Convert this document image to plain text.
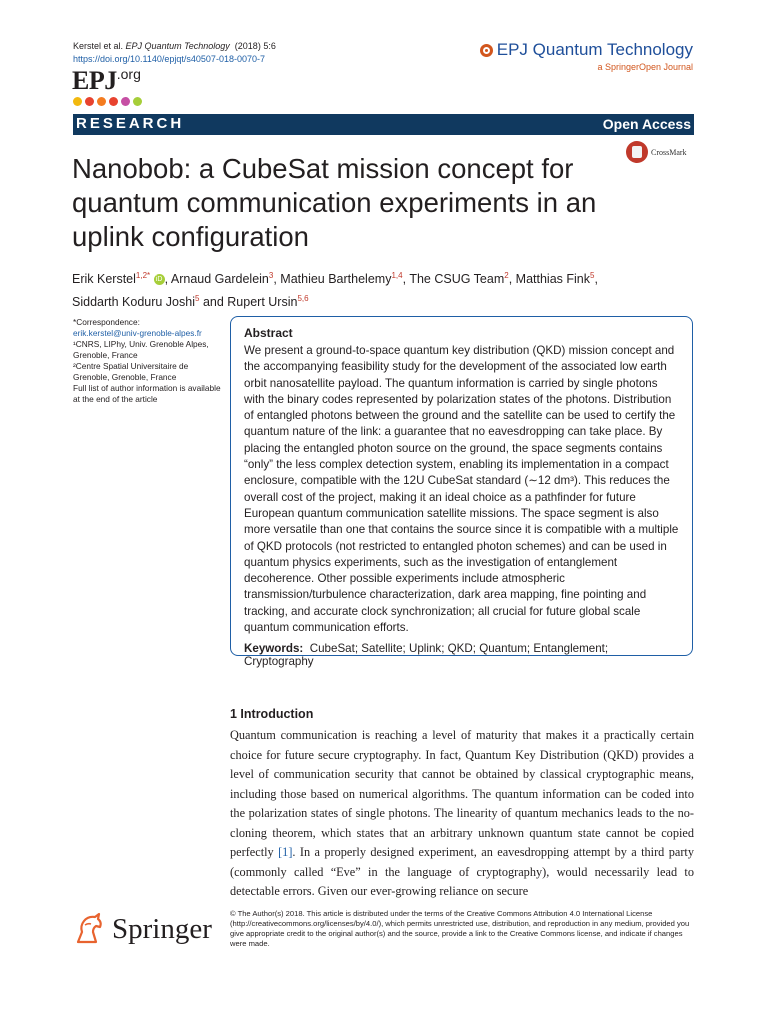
Kerstel et al. EPJ Quantum Technology (2018) 5:6
https://doi.org/10.1140/epjqt/s40507-018-0070-7
EPJ.org
EPJ Quantum Technology
a SpringerOpen Journal
RESEARCH	Open Access
CrossMark
Nanobob: a CubeSat mission concept for quantum communication experiments in an uplink configuration
Erik Kerstel$^{1,2*}$ iD , Arnaud Gardelein$^3$, Mathieu Barthelemy$^{1,4}$, The CSUG Team$^2$, Matthias Fink$^5$,
Siddarth Koduru Joshi$^5$ and Rupert Ursin$^{5,6}$
*Correspondence:
erik.kerstel@univ-grenoble-alpes.fr
¹CNRS, LIPhy, Univ. Grenoble Alpes, Grenoble, France
²Centre Spatial Universitaire de Grenoble, Grenoble, France
Full list of author information is available at the end of the article
Abstract
We present a ground-to-space quantum key distribution (QKD) mission concept and the accompanying feasibility study for the development of the associated low earth orbit nanosatellite payload. The quantum information is carried by single photons with the binary codes represented by polarization states of the photons. Distribution of entangled photons between the ground and the satellite can be used to certify the quantum nature of the link: a guarantee that no eavesdropping can take place. By placing the entangled photon source on the ground, the space segments contains “only” the less complex detection system, enabling its implementation in a compact enclosure, compatible with the 12U CubeSat standard (∼12 dm³). This reduces the overall cost of the project, making it an ideal choice as a pathfinder for future European quantum communication satellite missions. The space segment is also more versatile than one that contains the source since it is compatible with a multiple of QKD protocols (not restricted to entangled photon schemes) and can be used in quantum physics experiments, such as the investigation of entanglement decoherence. Other possible experiments include atmospheric transmission/turbulence characterization, dark area mapping, fine pointing and tracking, and accurate clock synchronization; all crucial for future global scale quantum communication efforts.
Keywords: CubeSat; Satellite; Uplink; QKD; Quantum; Entanglement; Cryptography
1 Introduction
Quantum communication is reaching a level of maturity that makes it a practically certain choice for future secure cryptography. In fact, Quantum Key Distribution (QKD) provides a level of communication security that cannot be obtained by classical cryptographic means, including those based on numerical algorithms. The quantum information can be coded into the polarization states of single photons. The linearity of quantum mechanics leads to the no-cloning theorem, which states that an arbitrary unknown quantum state cannot be copied perfectly [1]. In a properly designed experiment, an eavesdropping attempt by a third party (commonly called “Eve” in the language of cryptography), would necessarily lead to detectable errors. Given our ever-growing reliance on secure
Springer © The Author(s) 2018. This article is distributed under the terms of the Creative Commons Attribution 4.0 International License (http://creativecommons.org/licenses/by/4.0/), which permits unrestricted use, distribution, and reproduction in any medium, provided you give appropriate credit to the original author(s) and the source, provide a link to the Creative Commons license, and indicate if changes were made.
